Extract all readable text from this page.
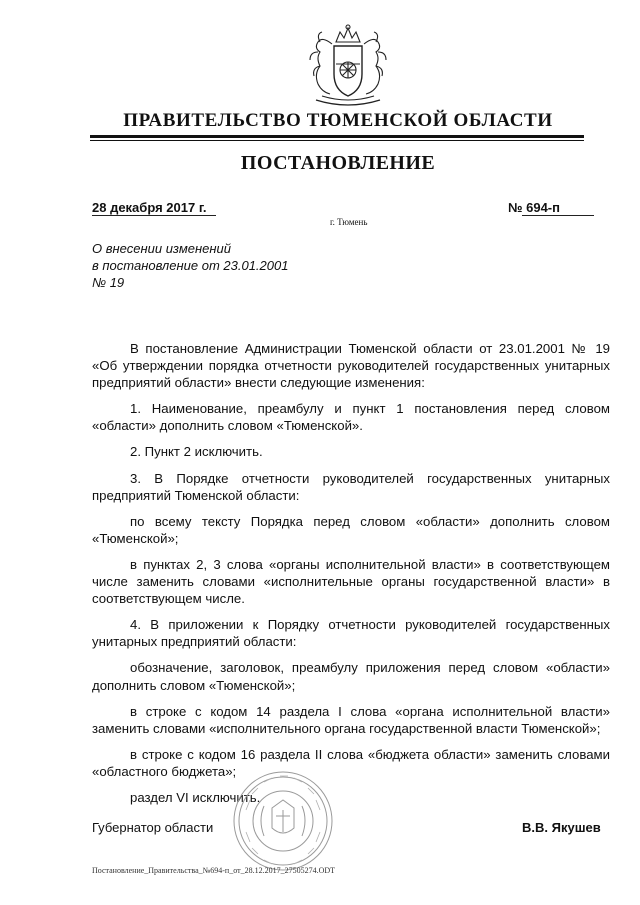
ПРАВИТЕЛЬСТВО ТЮМЕНСКОЙ ОБЛАСТИ
ПОСТАНОВЛЕНИЕ
28 декабря 2017 г.	№ 694-п
г. Тюмень
О внесении изменений
в постановление от 23.01.2001
№ 19

В постановление Администрации Тюменской области от 23.01.2001 № 19 «Об утверждении порядка отчетности руководителей государственных унитарных предприятий области» внести следующие изменения:

1. Наименование, преамбулу и пункт 1 постановления перед словом «области» дополнить словом «Тюменской».

2. Пункт 2 исключить.

3. В Порядке отчетности руководителей государственных унитарных предприятий Тюменской области:

по всему тексту Порядка перед словом «области» дополнить словом «Тюменской»;

в пунктах 2, 3 слова «органы исполнительной власти» в соответствующем числе заменить словами «исполнительные органы государственной власти» в соответствующем числе.

4. В приложении к Порядку отчетности руководителей государственных унитарных предприятий области:

обозначение, заголовок, преамбулу приложения перед словом «области» дополнить словом «Тюменской»;

в строке с кодом 14 раздела I слова «органа исполнительной власти» заменить словами «исполнительного органа государственной власти Тюменской»;

в строке с кодом 16 раздела II слова «бюджета области» заменить словами «областного бюджета»;

раздел VI исключить.

Губернатор области	В.В. Якушев
Постановление_Правительства_№694-п_от_28.12.2017_27505274.ODT
